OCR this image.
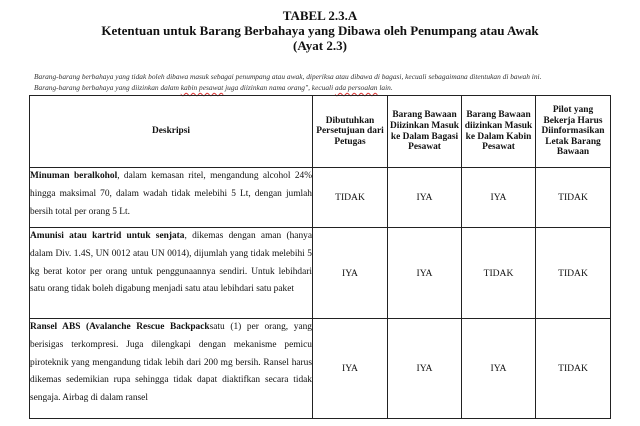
TABEL 2.3.A
Ketentuan untuk Barang Berbahaya yang Dibawa oleh Penumpang atau Awak
(Ayat 2.3)

Barang-barang berbahaya yang tidak boleh dibawa masuk sebagai penumpang atau awak, diperiksa atau dibawa di bagasi, kecuali sebagaimana ditentukan di bawah ini.

Barang-barang berbahaya yang diizinkan dalam kabin pesawat juga diizinkan nama orang", kecuali ada persoalan lain.

Deskripsi	Dibutuhkan Persetujuan dari Petugas	Barang Bawaan Diizinkan Masuk ke Dalam Bagasi Pesawat	Barang Bawaan diizinkan Masuk ke Dalam Kabin Pesawat	Pilot yang Bekerja Harus Diinformasikan Letak Barang Bawaan

Minuman beralkohol, dalam kemasan ritel, mengandung alcohol 24% hingga maksimal 70, dalam wadah tidak melebihi 5 Lt, dengan jumlah bersih total per orang 5 Lt.	TIDAK	IYA	IYA	TIDAK

Amunisi atau kartrid untuk senjata, dikemas dengan aman (hanya dalam Div. 1.4S, UN 0012 atau UN 0014), dijumlah yang tidak melebihi 5 kg berat kotor per orang untuk penggunaannya sendiri. Untuk lebihdari satu orang tidak boleh digabung menjadi satu atau lebihdari satu paket	IYA	IYA	TIDAK	TIDAK

Ransel ABS (Avalanche Rescue Backpacksatu (1) per orang, yang berisigas terkompresi. Juga dilengkapi dengan mekanisme pemicu piroteknik yang mengandung tidak lebih dari 200 mg bersih. Ransel harus dikemas sedemikian rupa sehingga tidak dapat diaktifkan secara tidak sengaja. Airbag di dalam ransel	IYA	IYA	IYA	TIDAK
